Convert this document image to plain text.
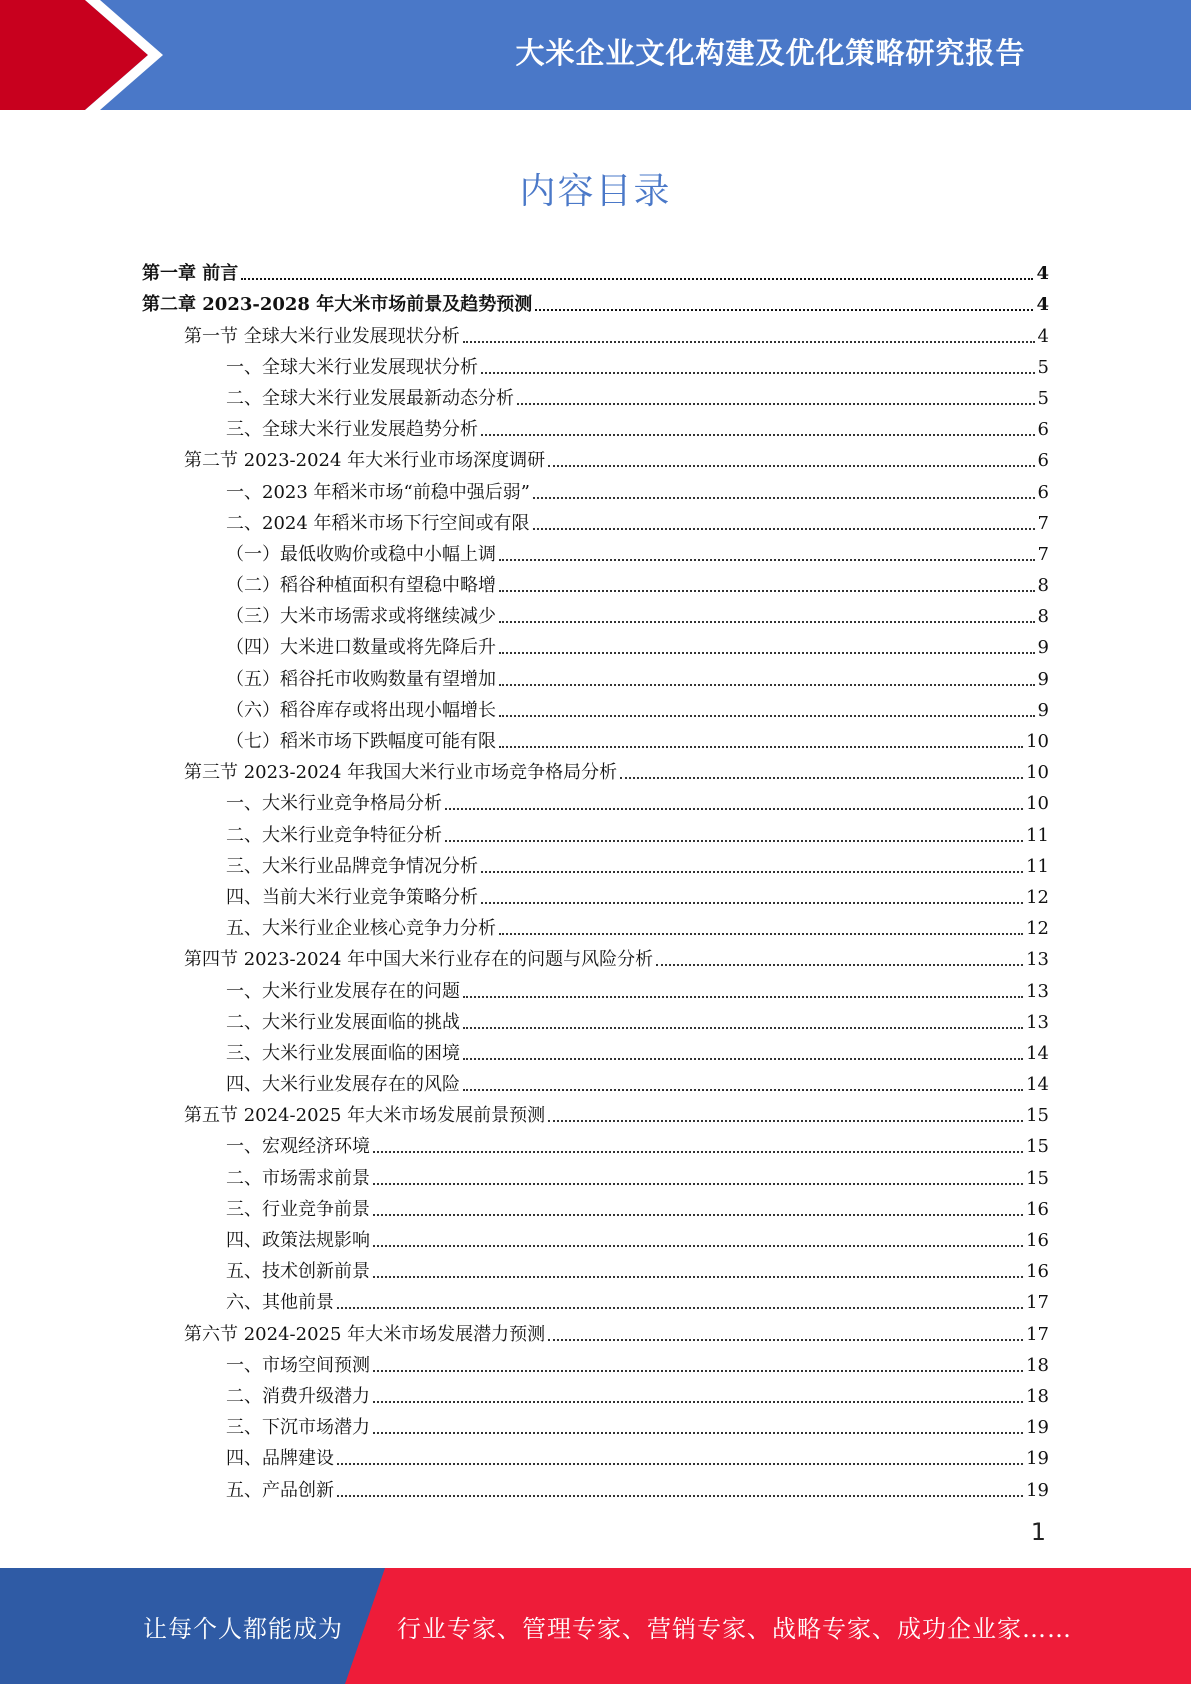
大米企业文化构建及优化策略研究报告
内容目录
第一章 前言	4
第二章 2023-2028 年大米市场前景及趋势预测	4
第一节 全球大米行业发展现状分析	4
一、全球大米行业发展现状分析	5
二、全球大米行业发展最新动态分析	5
三、全球大米行业发展趋势分析	6
第二节 2023-2024 年大米行业市场深度调研	6
一、2023 年稻米市场“前稳中强后弱”	6
二、2024 年稻米市场下行空间或有限	7
（一）最低收购价或稳中小幅上调	7
（二）稻谷种植面积有望稳中略增	8
（三）大米市场需求或将继续减少	8
（四）大米进口数量或将先降后升	9
（五）稻谷托市收购数量有望增加	9
（六）稻谷库存或将出现小幅增长	9
（七）稻米市场下跌幅度可能有限	10
第三节 2023-2024 年我国大米行业市场竞争格局分析	10
一、大米行业竞争格局分析	10
二、大米行业竞争特征分析	11
三、大米行业品牌竞争情况分析	11
四、当前大米行业竞争策略分析	12
五、大米行业企业核心竞争力分析	12
第四节 2023-2024 年中国大米行业存在的问题与风险分析	13
一、大米行业发展存在的问题	13
二、大米行业发展面临的挑战	13
三、大米行业发展面临的困境	14
四、大米行业发展存在的风险	14
第五节 2024-2025 年大米市场发展前景预测	15
一、宏观经济环境	15
二、市场需求前景	15
三、行业竞争前景	16
四、政策法规影响	16
五、技术创新前景	16
六、其他前景	17
第六节 2024-2025 年大米市场发展潜力预测	17
一、市场空间预测	18
二、消费升级潜力	18
三、下沉市场潜力	19
四、品牌建设	19
五、产品创新	19
1
让每个人都能成为 行业专家、管理专家、营销专家、战略专家、成功企业家……
